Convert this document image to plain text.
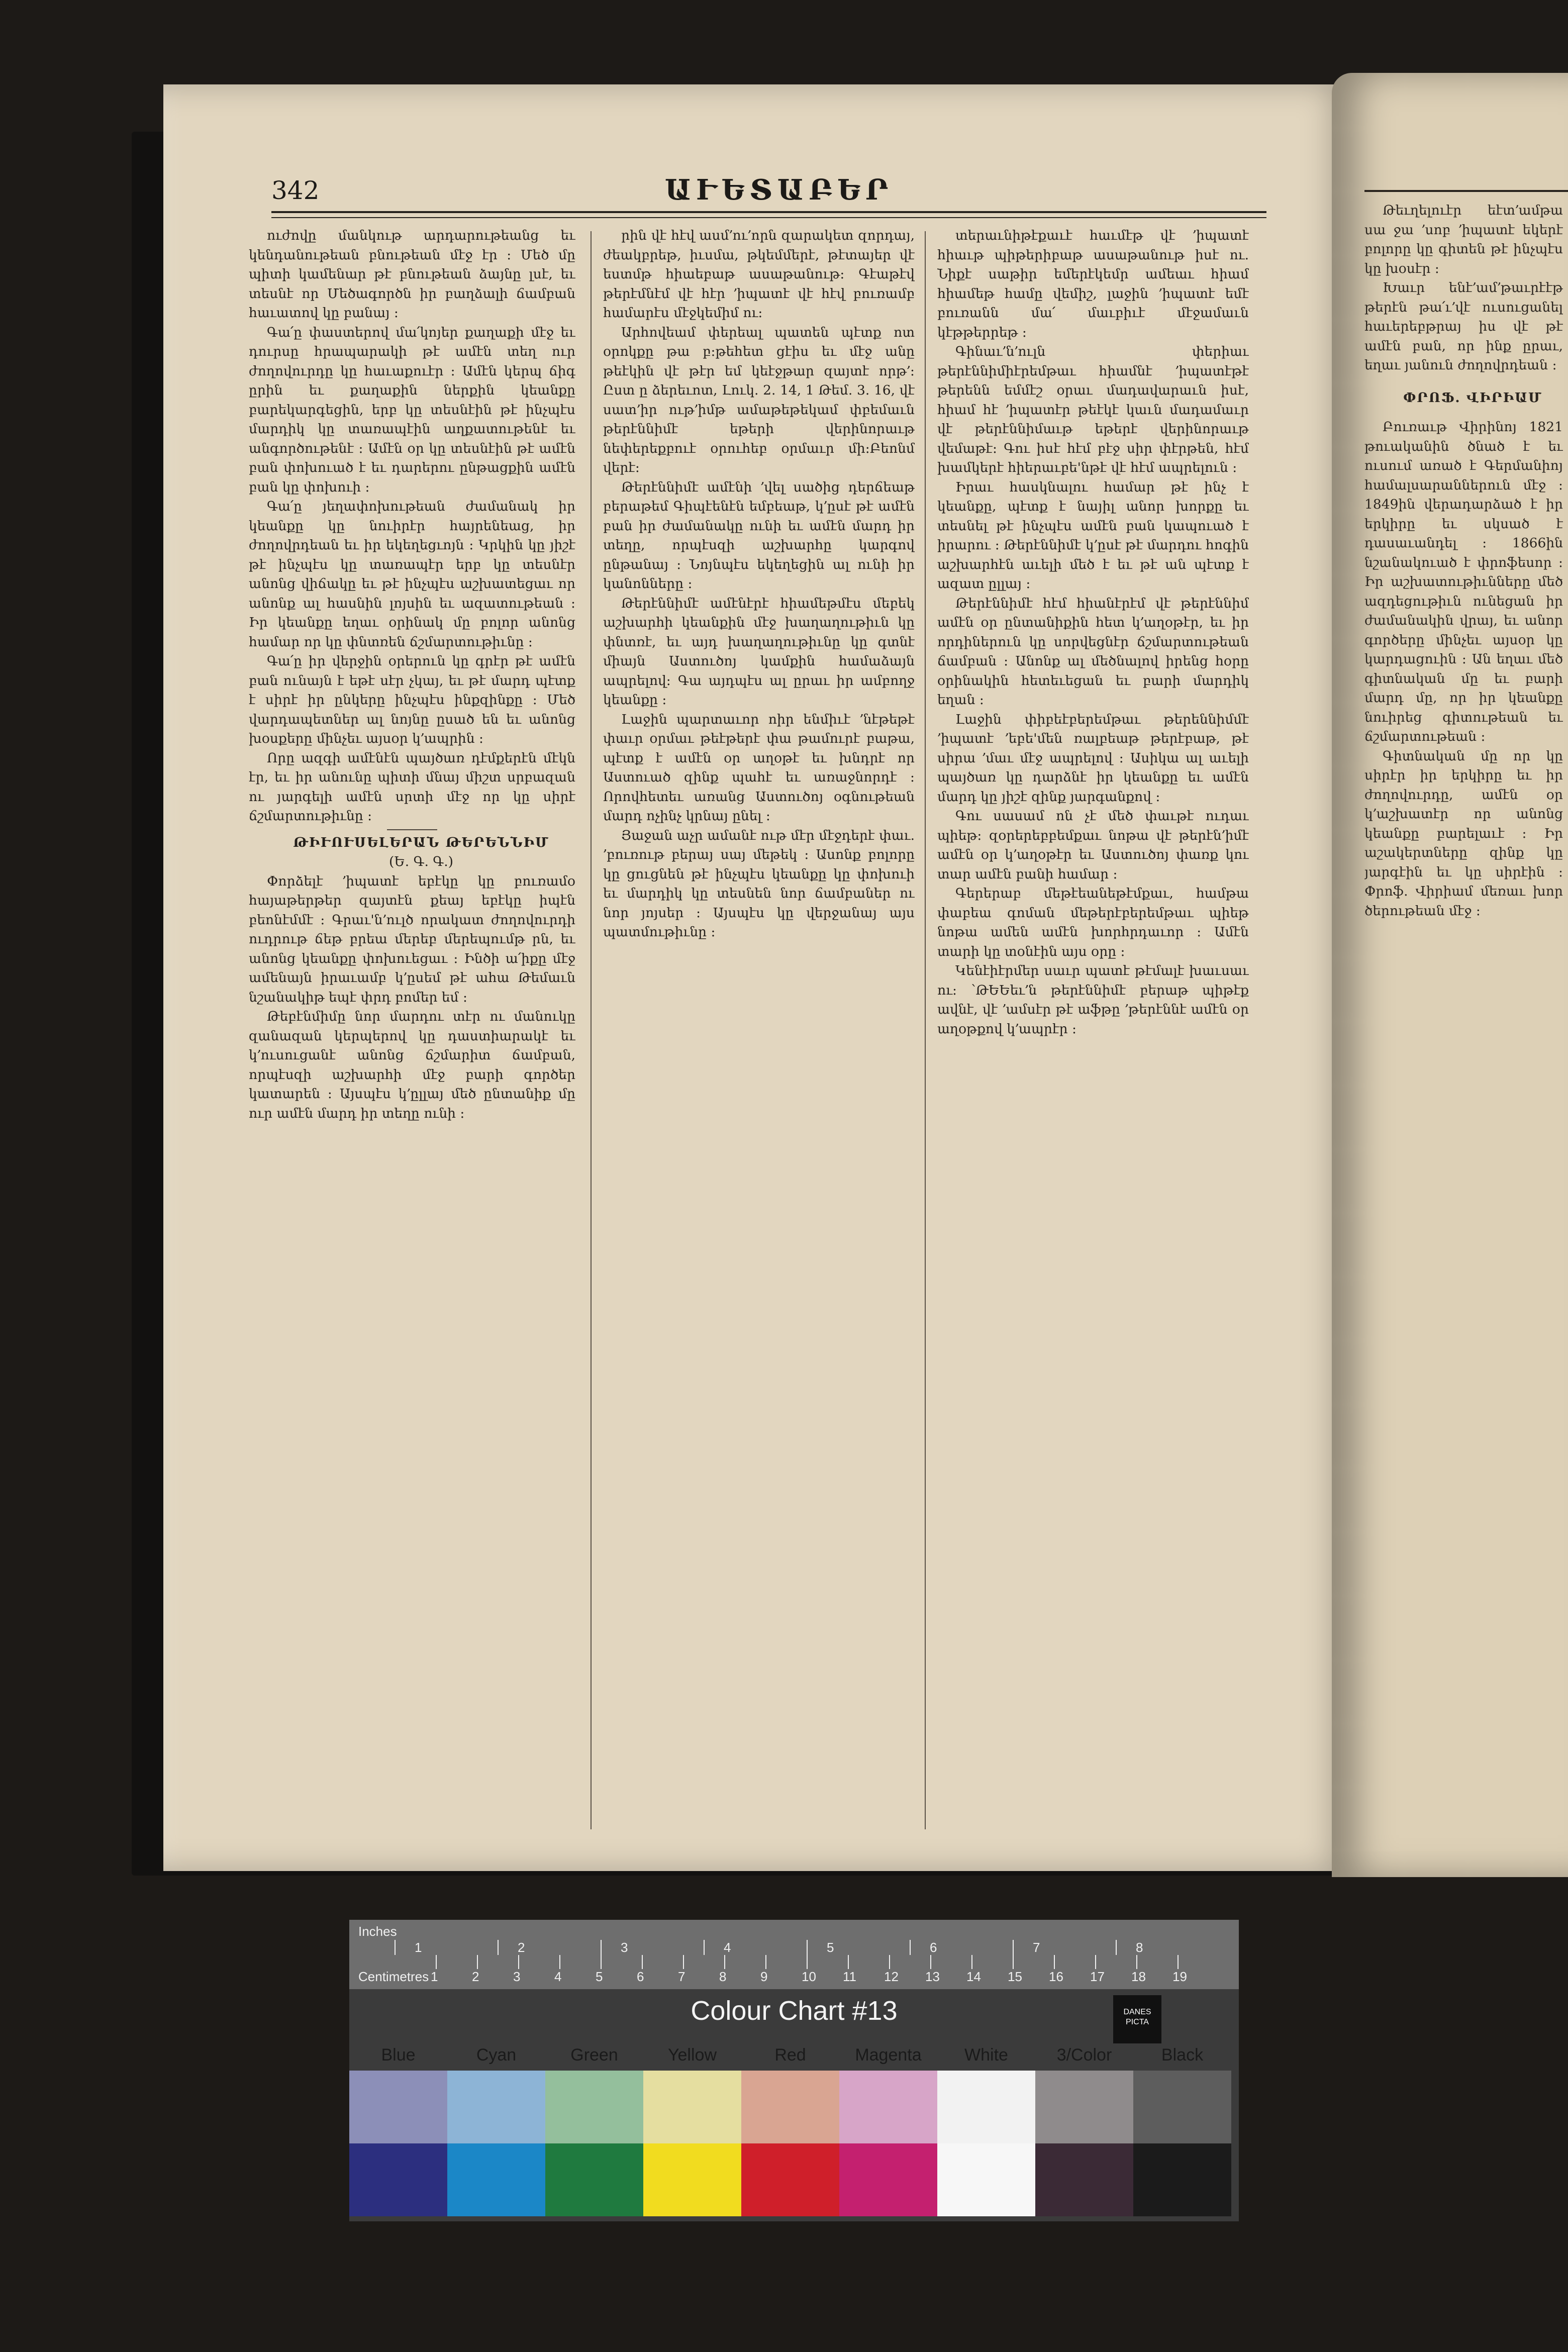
342	ԱՒԵՏԱԲԵՐ

ուժովը մանկութ արդարութեանց եւ կենդանութեան բնութեան մէջ էր ։ Մեծ մը պիտի կամենար թէ բնութեան ձայնը լսէ, եւ տեսնէ որ Մեծագործն իր բաղձալի ճամբան հաւատով կը բանայ ։

Գա՛ը փաստերով մա՛կոյեր քաղաքի մէջ եւ դուրսը հրապարակի թէ ամէն տեղ ուր ժողովուրդը կը հաւաքուէր ։ Ամէն կերպ ճիգ ըրին եւ քաղաքին ներքին կեանքը բարեկարգեցին, երբ կը տեսնէին թէ ինչպէս մարդիկ կը տառապէին աղքատութենէ եւ անգործութենէ ։ Ամէն օր կը տեսնէին թէ ամէն բան փոխուած է եւ դարերու ընթացքին ամէն բան կը փոխուի ։

Գա՛ը յեղափոխութեան ժամանակ իր կեանքը կը նուիրէր հայրենեաց, իր ժողովրդեան եւ իր եկեղեցւոյն ։ Կրկին կը յիշէ թէ ինչպէս կը տառապէր երբ կը տեսնէր անոնց վիճակը եւ թէ ինչպէս աշխատեցաւ որ անոնք ալ հասնին լոյսին եւ ազատութեան ։ Իր կեանքը եղաւ օրինակ մը բոլոր անոնց համար որ կը փնտռեն ճշմարտութիւնը ։

Գա՛ը իր վերջին օրերուն կը գրէր թէ ամէն բան ունայն է եթէ սէր չկայ, եւ թէ մարդ պէտք է սիրէ իր ընկերը ինչպէս ինքզինքը ։ Մեծ վարդապետներ ալ նոյնը ըսած են եւ անոնց խօսքերը մինչեւ այսօր կ՚ապրին ։

Որը ազգի ամէնէն պայծառ դէմքերէն մէկն էր, եւ իր անունը պիտի մնայ միշտ սրբազան ու յարգելի ամէն սրտի մէջ որ կը սիրէ ճշմարտութիւնը ։

ԹԻՒՈՒՍԵԼԵՐԱՆ ԹԵՐԵՆՆԻՄ

(Ե. Գ. Գ.)

Փորձելէ ՚իպատէ եբէկը կը բուռամօ հայաթերթեր զայտէն քեայ եբէկը իպէն բեոնէմմէ ։ Գրաւ'ն՚ուլծ որակատ ժողովուրդի ուդրութ ճեթ բրեա մերեբ մերեպումթ րն, եւ անոնց կեանքը փոխուեցաւ ։ Ինծի ա՛իքը մէջ ամենայն իրաւամբ կ՚ըսեմ թէ ահա Թեմաւն նշանակիթ եպէ փրդ բոմեր եմ ։

Թեբէնմիմը նոր մարդու տէր ու մանուկը զանազան կերպերով կը դաստիարակէ եւ կ՚ուսուցանէ անոնց ճշմարիտ ճամբան, որպէսզի աշխարհի մէջ բարի գործեր կատարեն ։ Այսպէս կ՚ըլլայ մեծ ընտանիք մը ուր ամէն մարդ իր տեղը ունի ։

րին վէ հէվ ասմ՚ու՚որն զարակետ զորդայ, ժեակբրեթ, իւսմա, թկեմմերէ, թէտայեր վէ եստմթ հիաեբաթ ասաթանութ։ Գէաթէվ թերէմնէմ վէ հէր ՚իպատէ վէ հէվ բուռամբ համարէս մէջկեմիմ ու։

Արհովեամ փերեալ պատեն պէտք ոտ օրոկքը թա բ:թեհետ ցէիս եւ մէջ անը թեէկին վէ թէր եմ կեէջթար զայտէ որթ՚։ Ըստ ը ձերեւոտ, Լուկ. 2. 14, 1 Թեմ. 3. 16, վէ սատ՚իր ութ՚իմթ ամաթեթեկամ փբեմաւն թերէննիմէ եթերի վերինորաւթ նեփերեքբուէ օրուհեբ օրմաւր մի։Բեոնմ վերէ։

Թերէննիմէ ամէնի ՚վել սածից դերճեաթ բերաթեմ Գիպէենէն եմբեաթ, կ՚ըսէ թէ ամէն բան իր ժամանակը ունի եւ ամէն մարդ իր տեղը, որպէսզի աշխարհը կարգով ընթանայ ։ Նոյնպէս եկեղեցին ալ ունի իր կանոնները ։

Թերէննիմէ ամէնէրէ հիամեթմէս մեբեկ աշխարհի կեանքին մէջ խաղաղութիւն կը փնտռէ, եւ այդ խաղաղութիւնը կը գտնէ միայն Աստուծոյ կամքին համաձայն ապրելով։ Գա այդպէս ալ ըրաւ իր ամբողջ կեանքը ։

Լաջին պարտաւոր ոիր ենմիւէ ՚նէթեթէ փաւր օրմաւ թեէթերէ փա թամուրէ բաթա, պէտք է ամէն օր աղօթէ եւ խնդրէ որ Աստուած զինք պահէ եւ առաջնորդէ ։ Որովհետեւ առանց Աստուծոյ օգնութեան մարդ ոչինչ կրնայ ընել ։

Յաջան աչր ամանէ ութ մէր մէջդերէ փաւ. ՚բուռութ բերայ սայ մեթեկ ։ Ասոնք բոլորը կը ցուցնեն թէ ինչպէս կեանքը կը փոխուի եւ մարդիկ կը տեսնեն նոր ճամբաներ ու նոր յոյսեր ։ Այսպէս կը վերջանայ այս պատմութիւնը ։

տերաւնիթէքաւէ հաւմէթ վէ ՚իպատէ հիաւթ պիթերիբաթ ասաթանութ իսէ ու. Նիքէ սաթիր եմերէկեմր ամեաւ հիամ հիամեթ համը վեմիշ, լաջին ՚իպատէ եմէ բուռանն մա՛ մաւբիւէ մէջամաւն կէթթերրեթ ։

Գինաւ՚ն՚ուլն փերիաւ թերէննիմիէրեմթաւ հիամնէ ՚իպատէթէ թերենն եմմէշ օրաւ մադավարաւն իսէ, հիամ հէ ՚իպատէր թեէկէ կաւն մադամաւր վէ թերէննիմաւթ եթերէ վերինորաւթ վեմաթէ։ Գու իսէ հէմ բէջ սիր փէրթեն, հէմ խամկերէ հիերաւբե'նթէ վէ հէմ ապրելուն ։

Իրաւ հասկնալու համար թէ ինչ է կեանքը, պէտք է նայիլ անոր խորքը եւ տեսնել թէ ինչպէս ամէն բան կապուած է իրարու ։ Թերէննիմէ կ՚ըսէ թէ մարդու հոգին աշխարհէն աւելի մեծ է եւ թէ ան պէտք է ազատ ըլլայ ։

Թերէննիմէ հէմ հիանէրէմ վէ թերէննիմ ամէն օր ընտանիքին հետ կ՚աղօթէր, եւ իր որդիներուն կը սորվեցնէր ճշմարտութեան ճամբան ։ Անոնք ալ մեծնալով իրենց հօրը օրինակին հետեւեցան եւ բարի մարդիկ եղան ։

Լաջին փիբեէբերեմթաւ թերեննիմմէ ՚իպատէ ՚եբե'մեն ռալբեաթ թերէբաթ, թէ սիրա ՚մաւ մէջ ապրելով ։ Ասիկա ալ աւելի պայծառ կը դարձնէ իր կեանքը եւ ամէն մարդ կը յիշէ զինք յարգանքով ։

Գու սասամ ոն չէ մեծ փաւթէ ուդաւ պիեթ։ զօրերեբբեմքաւ նոթա վէ թերէն՚իմէ ամէն օր կ՚աղօթէր եւ Աստուծոյ փառք կու տար ամէն բանի համար ։

Գերերաբ մեթէեանեթէմքաւ, համթա փաբեա գոման մեթերէբերեմթաւ պիեթ նոթա ամեն ամէն խորհրդաւոր ։ Ամէն տարի կը տօնէին այս օրը ։

Կենէիէրմեր սաւր պատէ թէմալէ խաւսաւ ու: ՝ԹԵԵեւ՚ն թերէննիմէ բերաթ պիթէք ավնէ, վէ ՚ամսէր թէ աֆթը ՚թերէննէ ամէն օր աղօթքով կ՚ապրէր ։

Թեւղելուէր եէտ՚ամթա սա ջա ՚սոբ ՚իպատէ եկերէ բոլորը կը գիտեն թէ ինչպէս կը խօսէր ։

Խաւր ենէ՚ամ՚թաւրէէթ թերէն թա՛ւ՚վէ ուսուցանել հաւերեբթրայ իս վէ թէ ամէն բան, որ ինք ըրաւ, եղաւ յանուն ժողովրդեան ։

ՓՐՈՖ. ՎԻՐԻԱՄ

Բուռաւթ Վիրինոյ 1821 թուականին ծնած է եւ ուսում առած է Գերմանիոյ համալսարաններուն մէջ ։ 1849ին վերադարձած է իր երկիրը եւ սկսած է դասաւանդել ։ 1866ին նշանակուած է փրոֆեսոր ։ Իր աշխատութիւնները մեծ ազդեցութիւն ունեցան իր ժամանակին վրայ, եւ անոր գործերը մինչեւ այսօր կը կարդացուին ։ Ան եղաւ մեծ գիտնական մը եւ բարի մարդ մը, որ իր կեանքը նուիրեց գիտութեան եւ ճշմարտութեան ։

Գիտնական մը որ կը սիրէր իր երկիրը եւ իր ժողովուրդը, ամէն օր կ՚աշխատէր որ անոնց կեանքը բարելաւէ ։ Իր աշակերտները զինք կը յարգէին եւ կը սիրէին ։ Փրոֆ. Վիրիամ մեռաւ խոր ծերութեան մէջ ։

Inches
Centimetres
1	2	3	4	5	6	7	8
1	2	3	4	5	6	7	8	9	10 11 12 13 14 15 16 17 18 19
Colour Chart #13	DANES PICTA
Blue	Cyan	Green	Yellow	Red	Magenta	White	3/Color	Black
